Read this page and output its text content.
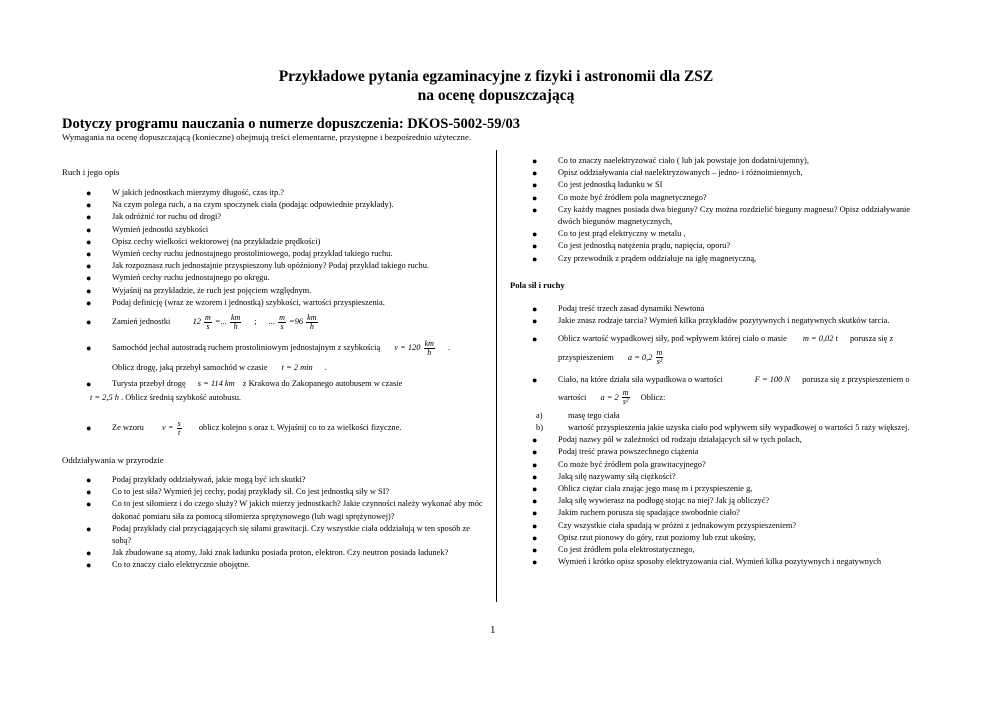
Przykładowe pytania egzaminacyjne z fizyki i astronomii dla ZSZ
na ocenę dopuszczającą
Dotyczy programu nauczania o numerze dopuszczenia: DKOS-5002-59/03
Wymagania na ocenę dopuszczającą (konieczne) obejmują treści elementarne, przystępne i bezpośrednio użyteczne.
Ruch i jego opis
● W jakich jednostkach mierzymy długość, czas itp.?
● Na czym polega ruch, a na czym spoczynek ciała (podając odpowiednie przykłady).
● Jak odróżnić tor ruchu od drogi?
● Wymień jednostki szybkości
● Opisz cechy wielkości wektorowej (na przykładzie prędkości)
● Wymień cechy ruchu jednostajnego prostoliniowego, podaj przykład takiego ruchu.
● Jak rozpoznasz ruch jednostajnie przyspieszony lub opóźniony? Podaj przykład takiego ruchu.
● Wymień cechy ruchu jednostajnego po okręgu.
● Wyjaśnij na przykładzie, że ruch jest pojęciem względnym.
● Podaj definicję (wraz ze wzorem i jednostką) szybkości, wartości przyspieszenia.
● Zamień jednostki	$12 \frac{m}{s}$ =... $\frac{km}{h}$ ; ... $\frac{m}{s} =96 \frac{km}{h}$
● Samochód jechał autostradą ruchem prostoliniowym jednostajnym z szybkością $v = 120 \frac{km}{h}$ .
Oblicz drogę, jaką przebył samochód w czasie t = 2 min .
● Turysta przebył drogę s = 114 km z Krakowa do Zakopanego autobusem w czasie
t = 2,5 h . Oblicz średnią szybkość autobusu.
● Ze wzoru $v = \frac{s}{t}$ oblicz kolejno s oraz t. Wyjaśnij co to za wielkości fizyczne.
Oddziaływania w przyrodzie
● Podaj przykłady oddziaływań, jakie mogą być ich skutki?
● Co to jest siła? Wymień jej cechy, podaj przykłady sił. Co jest jednostką siły w SI?
● Co to jest siłomierz i do czego służy? W jakich mierzy jednostkach? Jakie czynności należy wykonać aby móc dokonać pomiaru siła za pomocą siłomierza sprężynowego (lub wagi sprężynowej)?
● Podaj przykłady ciał przyciągających się siłami grawitacji. Czy wszystkie ciała oddziałują w ten sposób ze sobą?
● Jak zbudowane są atomy, Jaki znak ładunku posiada proton, elektron. Czy neutron posiada ładunek?
● Co to znaczy ciało elektrycznie obojętne.
● Co to znaczy naelektryzować ciało ( lub jak powstaje jon dodatni/ujemny),
● Opisz oddziaływania ciał naelektryzowanych – jedno- i różnoimiennych,
● Co jest jednostką ładunku w SI
● Co może być źródłem pola magnetycznego?
● Czy każdy magnes posiada dwa bieguny? Czy można rozdzielić bieguny magnesu? Opisz oddziaływanie dwóch biegunów magnetycznych,
● Co to jest prąd elektryczny w metalu ,
● Co jest jednostką natężenia prądu, napięcia, oporu?
● Czy przewodnik z prądem oddziałuje na igłę magnetyczną,
Pola sił i ruchy
● Podaj treść trzech zasad dynamiki Newtona
● Jakie znasz rodzaje tarcia? Wymień kilka przykładów pozytywnych i negatywnych skutków tarcia.
● Oblicz wartość wypadkowej siły, pod wpływem której ciało o masie m = 0,02 t porusza się z
przyspieszeniem $a = 0,2 \frac{m}{\text{s²}}$
● Ciało, na które działa siła wypadkowa o wartości	F = 100 N porusza się z przyspieszeniem o
wartości $a = 2 \frac{m}{\text{s²}}$ Oblicz:
a)	masę tego ciała
b)	wartość przyspieszenia jakie uzyska ciało pod wpływem siły wypadkowej o wartości 5 razy większej.
● Podaj nazwy pól w zależności od rodzaju działających sił w tych polach,
● Podaj treść prawa powszechnego ciążenia
● Co może być źródłem pola grawitacyjnego?
● Jaką siłę nazywamy siłą ciężkości?
● Oblicz ciężar ciała znając jego masę m i przyspieszenie g,
● Jaką siłę wywierasz na podłogę stojąc na niej? Jak ją obliczyć?
● Jakim ruchem porusza się spadające swobodnie ciało?
● Czy wszystkie ciała spadają w próżni z jednakowym przyspieszeniem?
● Opisz rzut pionowy do góry, rzut poziomy lub rzut ukośny,
● Co jest źródłem pola elektrostatycznego,
● Wymień i krótko opisz sposoby elektryzowania ciał. Wymień kilka pozytywnych i negatywnych
1
